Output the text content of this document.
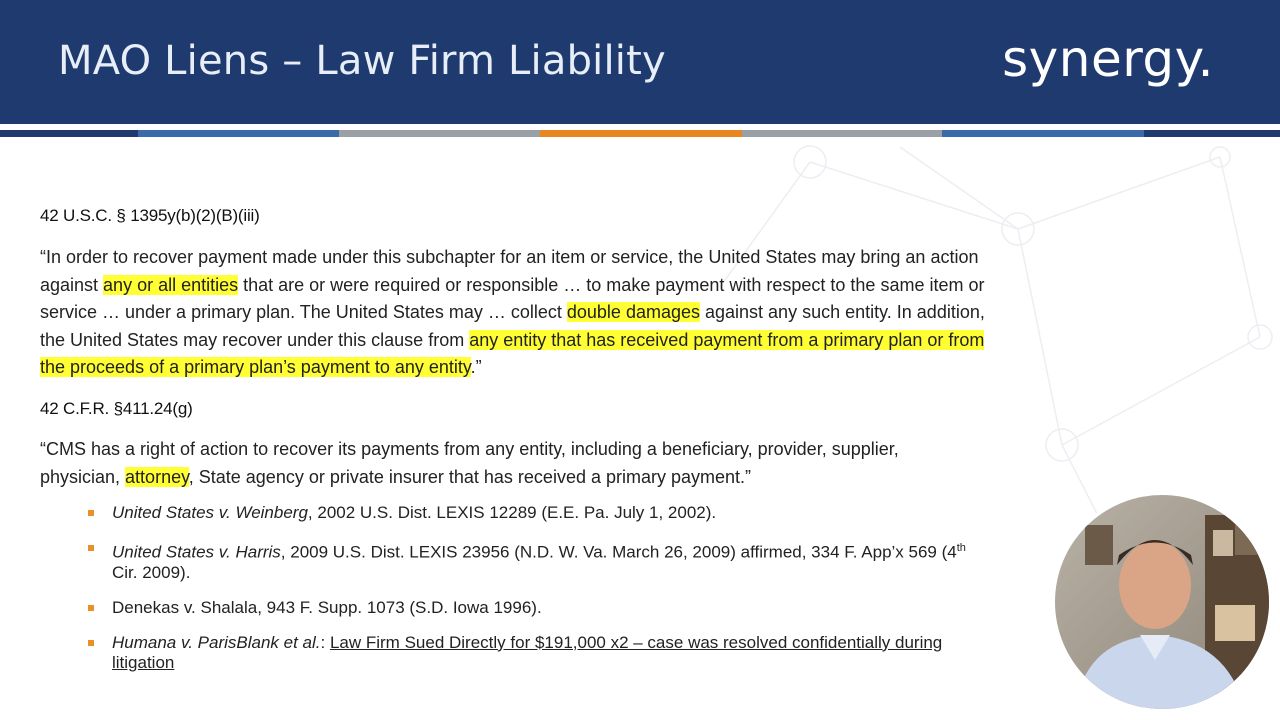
MAO Liens – Law Firm Liability	synergy.
42 U.S.C. § 1395y(b)(2)(B)(iii)
“In order to recover payment made under this subchapter for an item or service, the United States may bring an action against any or all entities that are or were required or responsible … to make payment with respect to the same item or service … under a primary plan. The United States may … collect double damages against any such entity. In addition, the United States may recover under this clause from any entity that has received payment from a primary plan or from the proceeds of a primary plan’s payment to any entity.”
42 C.F.R. §411.24(g)
“CMS has a right of action to recover its payments from any entity, including a beneficiary, provider, supplier, physician, attorney, State agency or private insurer that has received a primary payment.”
United States v. Weinberg, 2002 U.S. Dist. LEXIS 12289 (E.E. Pa. July 1, 2002).
United States v. Harris, 2009 U.S. Dist. LEXIS 23956 (N.D. W. Va. March 26, 2009) affirmed, 334 F. App’x 569 (4th Cir. 2009).
Denekas v. Shalala, 943 F. Supp. 1073 (S.D. Iowa 1996).
Humana v. ParisBlank et al.: Law Firm Sued Directly for $191,000 x2 – case was resolved confidentially during litigation
